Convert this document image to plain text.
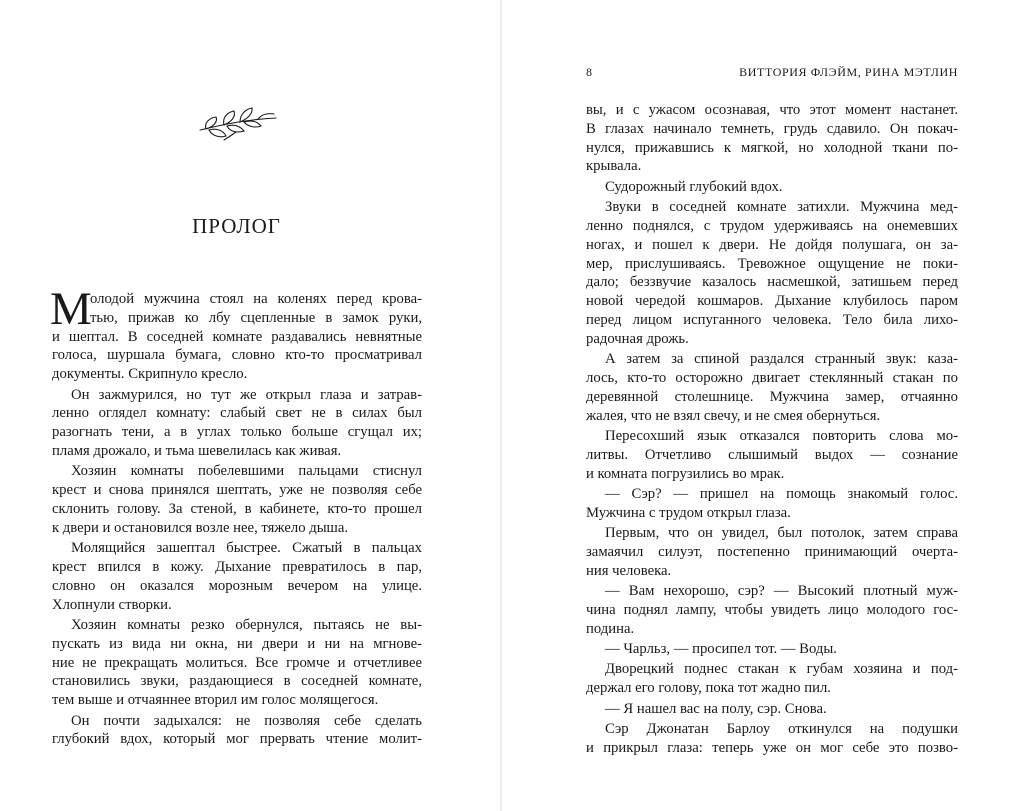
ПРОЛОГ
М
олодой мужчина стоял на коленях перед крова-
тью, прижав ко лбу сцепленные в замок руки,
и шептал. В соседней комнате раздавались невнятные
голоса, шуршала бумага, словно кто-то просматривал
документы. Скрипнуло кресло.
Он зажмурился, но тут же открыл глаза и затрав-
ленно оглядел комнату: слабый свет не в силах был
разогнать тени, а в углах только больше сгущал их;
пламя дрожало, и тьма шевелилась как живая.
Хозяин комнаты побелевшими пальцами стиснул
крест и снова принялся шептать, уже не позволяя себе
склонить голову. За стеной, в кабинете, кто-то прошел
к двери и остановился возле нее, тяжело дыша.
Молящийся зашептал быстрее. Сжатый в пальцах
крест впился в кожу. Дыхание превратилось в пар,
словно он оказался морозным вечером на улице.
Хлопнули створки.
Хозяин комнаты резко обернулся, пытаясь не вы-
пускать из вида ни окна, ни двери и ни на мгнове-
ние не прекращать молиться. Все громче и отчетливее
становились звуки, раздающиеся в соседней комнате,
тем выше и отчаяннее вторил им голос молящегося.
Он почти задыхался: не позволяя себе сделать
глубокий вдох, который мог прервать чтение молит-
8	ВИТТОРИЯ ФЛЭЙМ, РИНА МЭТЛИН
вы, и с ужасом осознавая, что этот момент настанет.
В глазах начинало темнеть, грудь сдавило. Он покач-
нулся, прижавшись к мягкой, но холодной ткани по-
крывала.
Судорожный глубокий вдох.
Звуки в соседней комнате затихли. Мужчина мед-
ленно поднялся, с трудом удерживаясь на онемевших
ногах, и пошел к двери. Не дойдя полушага, он за-
мер, прислушиваясь. Тревожное ощущение не поки-
дало; беззвучие казалось насмешкой, затишьем перед
новой чередой кошмаров. Дыхание клубилось паром
перед лицом испуганного человека. Тело била лихо-
радочная дрожь.
А затем за спиной раздался странный звук: каза-
лось, кто-то осторожно двигает стеклянный стакан по
деревянной столешнице. Мужчина замер, отчаянно
жалея, что не взял свечу, и не смея обернуться.
Пересохший язык отказался повторить слова мо-
литвы. Отчетливо слышимый выдох — сознание
и комната погрузились во мрак.
— Сэр? — пришел на помощь знакомый голос.
Мужчина с трудом открыл глаза.
Первым, что он увидел, был потолок, затем справа
замаячил силуэт, постепенно принимающий очерта-
ния человека.
— Вам нехорошо, сэр? — Высокий плотный муж-
чина поднял лампу, чтобы увидеть лицо молодого гос-
подина.
— Чарльз, — просипел тот. — Воды.
Дворецкий поднес стакан к губам хозяина и под-
держал его голову, пока тот жадно пил.
— Я нашел вас на полу, сэр. Снова.
Сэр Джонатан Барлоу откинулся на подушки
и прикрыл глаза: теперь уже он мог себе это позво-
